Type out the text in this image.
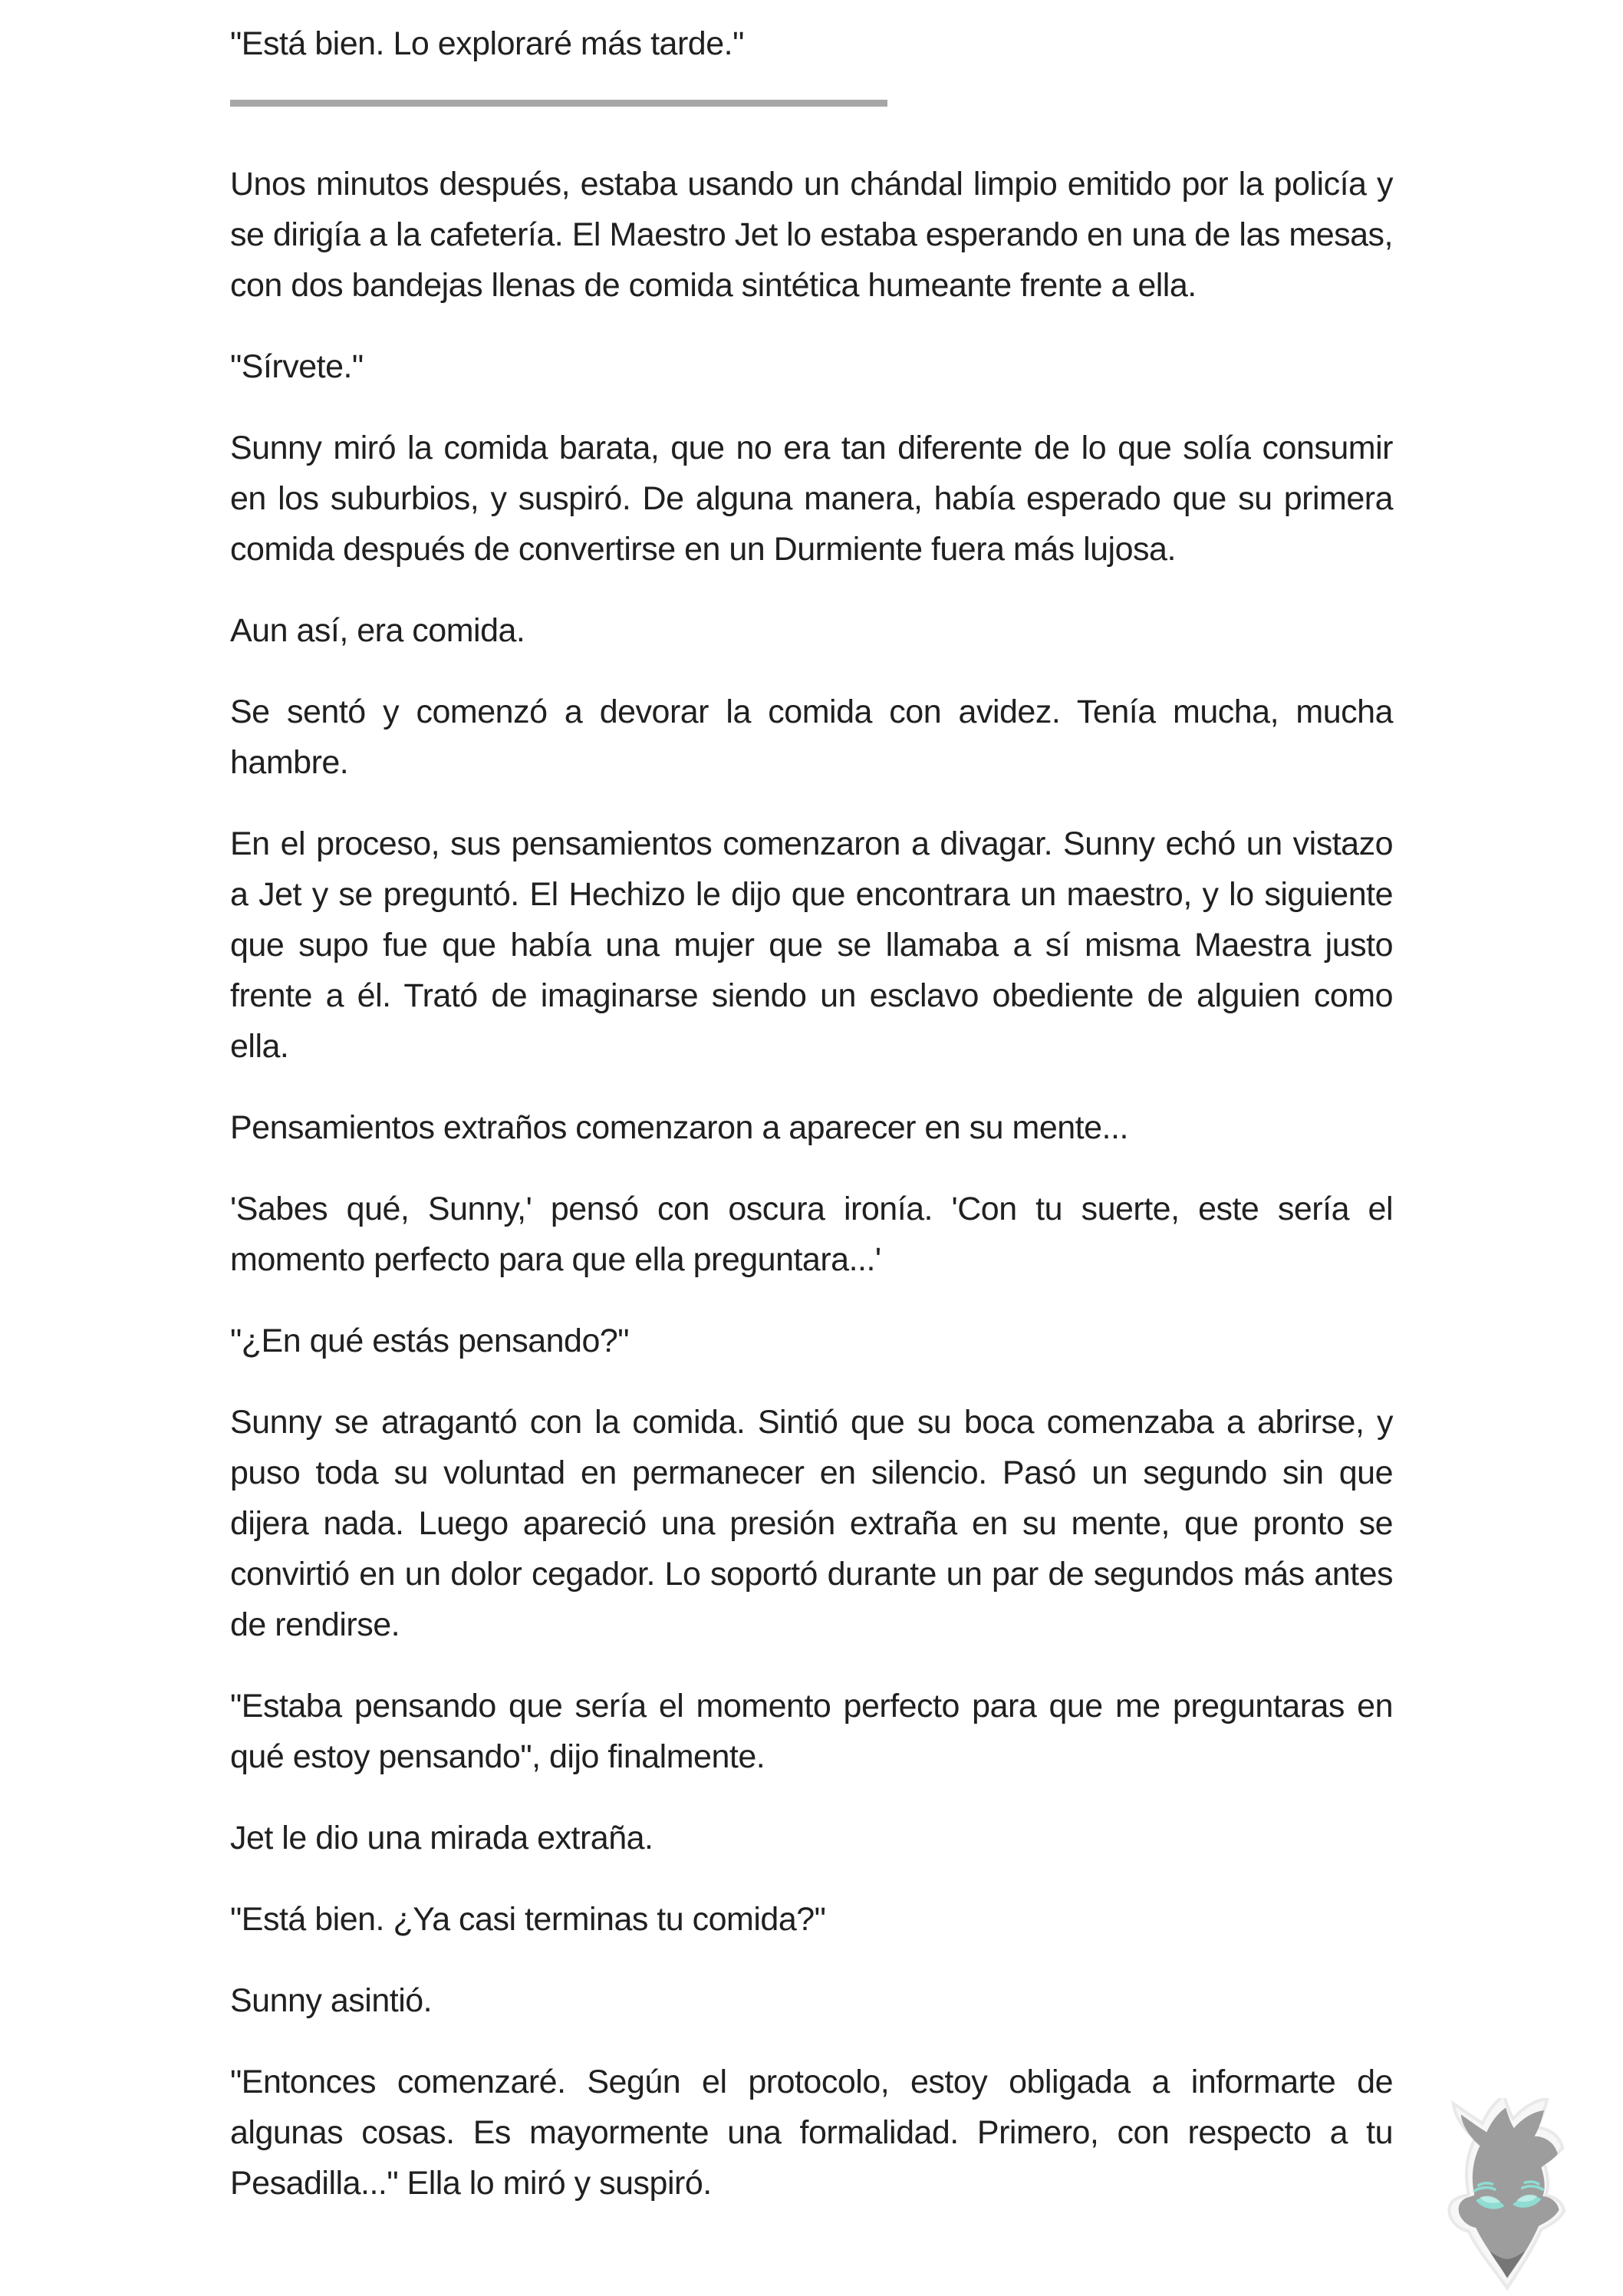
"Está bien. Lo exploraré más tarde."

Unos minutos después, estaba usando un chándal limpio emitido por la policía y se dirigía a la cafetería. El Maestro Jet lo estaba esperando en una de las mesas, con dos bandejas llenas de comida sintética humeante frente a ella.

"Sírvete."

Sunny miró la comida barata, que no era tan diferente de lo que solía consumir en los suburbios, y suspiró. De alguna manera, había esperado que su primera comida después de convertirse en un Durmiente fuera más lujosa.

Aun así, era comida.

Se sentó y comenzó a devorar la comida con avidez. Tenía mucha, mucha hambre.

En el proceso, sus pensamientos comenzaron a divagar. Sunny echó un vistazo a Jet y se preguntó. El Hechizo le dijo que encontrara un maestro, y lo siguiente que supo fue que había una mujer que se llamaba a sí misma Maestra justo frente a él. Trató de imaginarse siendo un esclavo obediente de alguien como ella.

Pensamientos extraños comenzaron a aparecer en su mente...

'Sabes qué, Sunny,' pensó con oscura ironía. 'Con tu suerte, este sería el momento perfecto para que ella preguntara...'

"¿En qué estás pensando?"

Sunny se atragantó con la comida. Sintió que su boca comenzaba a abrirse, y puso toda su voluntad en permanecer en silencio. Pasó un segundo sin que dijera nada. Luego apareció una presión extraña en su mente, que pronto se convirtió en un dolor cegador. Lo soportó durante un par de segundos más antes de rendirse.

"Estaba pensando que sería el momento perfecto para que me preguntaras en qué estoy pensando", dijo finalmente.

Jet le dio una mirada extraña.

"Está bien. ¿Ya casi terminas tu comida?"

Sunny asintió.

"Entonces comenzaré. Según el protocolo, estoy obligada a informarte de algunas cosas. Es mayormente una formalidad. Primero, con respecto a tu Pesadilla..." Ella lo miró y suspiró.
